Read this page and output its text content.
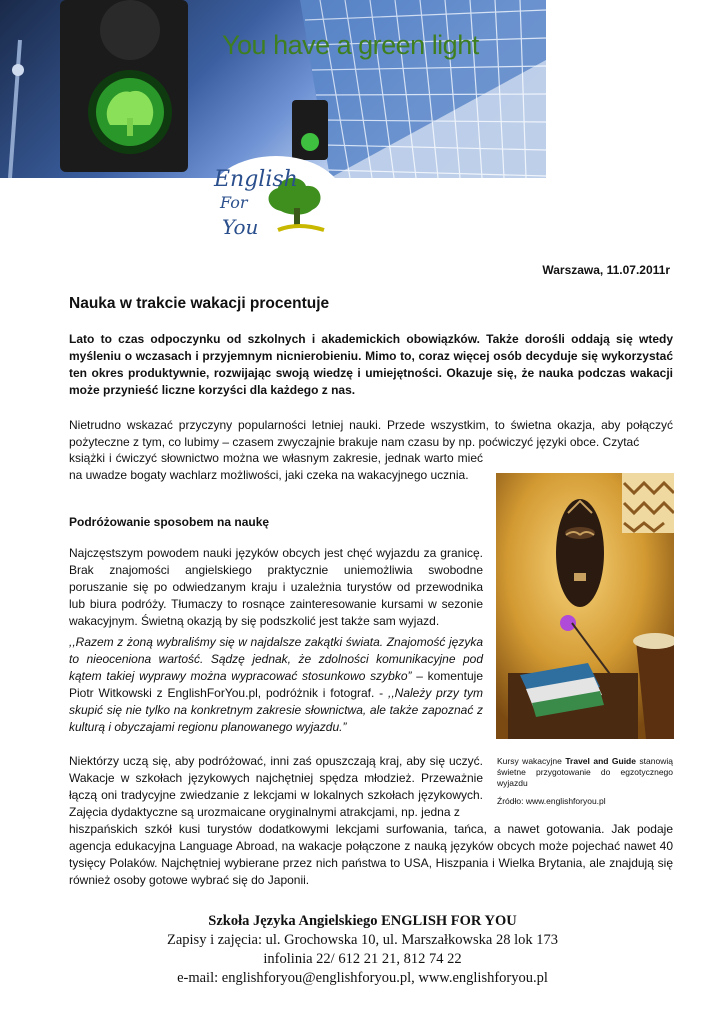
You have a green light
English
For
You
Warszawa, 11.07.2011r
Nauka w trakcie wakacji procentuje
Lato to czas odpoczynku od szkolnych i akademickich obowiązków. Także dorośli oddają się wtedy myśleniu o wczasach i przyjemnym nicnierobieniu. Mimo to, coraz więcej osób decyduje się wykorzystać ten okres produktywnie, rozwijając swoją wiedzę i umiejętności. Okazuje się, że nauka podczas wakacji może przynieść liczne korzyści dla każdego z nas.
Nietrudno wskazać przyczyny popularności letniej nauki. Przede wszystkim, to świetna okazja, aby połączyć pożyteczne z tym, co lubimy – czasem zwyczajnie brakuje nam czasu by np. poćwiczyć języki obce. Czytać
książki i ćwiczyć słownictwo można we własnym zakresie, jednak warto mieć na uwadze bogaty wachlarz możliwości, jaki czeka na wakacyjnego ucznia.
Podróżowanie sposobem na naukę
Najczęstszym powodem nauki języków obcych jest chęć wyjazdu za granicę. Brak znajomości angielskiego praktycznie uniemożliwia swobodne poruszanie się po odwiedzanym kraju i uzależnia turystów od przewodnika lub biura podróży. Tłumaczy to rosnące zainteresowanie kursami w sezonie wakacyjnym. Świetną okazją by się podszkolić jest także sam wyjazd.
,,Razem z żoną wybraliśmy się w najdalsze zakątki świata. Znajomość języka to nieoceniona wartość. Sądzę jednak, że zdolności komunikacyjne pod kątem takiej wyprawy można wypracować stosunkowo szybko” – komentuje Piotr Witkowski z EnglishForYou.pl, podróżnik i fotograf. - ,,Należy przy tym skupić się nie tylko na konkretnym zakresie słownictwa, ale także zapoznać z kulturą i obyczajami regionu planowanego wyjazdu.”
Niektórzy uczą się, aby podróżować, inni zaś opuszczają kraj, aby się uczyć. Wakacje w szkołach językowych najchętniej spędza młodzież. Przeważnie łączą oni tradycyjne zwiedzanie z lekcjami w lokalnych szkołach językowych. Zajęcia dydaktyczne są urozmaicane oryginalnymi atrakcjami, np. jedna z
hiszpańskich szkół kusi turystów dodatkowymi lekcjami surfowania, tańca, a nawet gotowania. Jak podaje agencja edukacyjna Language Abroad, na wakacje połączone z nauką języków obcych może pojechać nawet 40 tysięcy Polaków. Najchętniej wybierane przez nich państwa to USA, Hiszpania i Wielka Brytania, ale znajdują się również osoby gotowe wybrać się do Japonii.
Kursy wakacyjne Travel and Guide stanowią świetne przygotowanie do egzotycznego wyjazdu
Źródło: www.englishforyou.pl
Szkoła Języka Angielskiego ENGLISH FOR YOU
Zapisy i zajęcia: ul. Grochowska 10, ul. Marszałkowska 28 lok 173
infolinia 22/ 612 21 21, 812 74 22
e-mail: englishforyou@englishforyou.pl, www.englishforyou.pl
